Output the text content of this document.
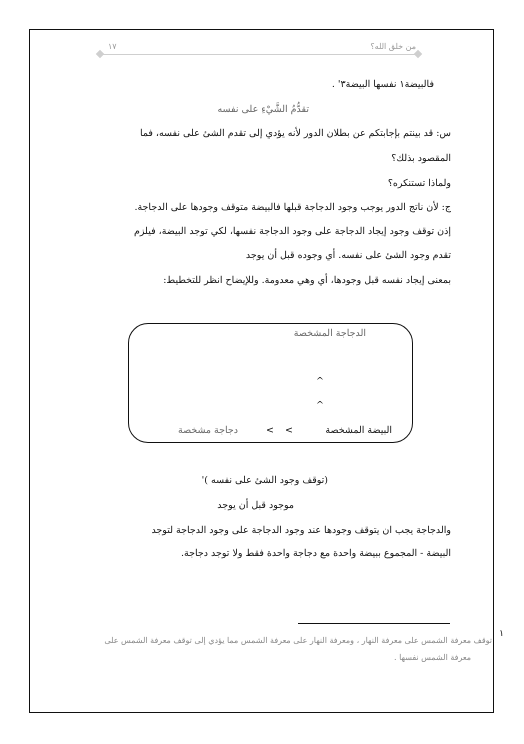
من خلق الله؟
١٧
فالبيضة١ نفسها البيضة٣' .
تقدُّمُ الشَّيْءِ على نفسه
س: قد بينتم بإجابتكم عن بطلان الدور لأنه يؤدي إلى تقدم الشئ على نفسه، فما
المقصود بذلك؟
ولماذا تستنكره؟
ج: لأن ناتج الدور يوجب وجود الدجاجة قبلها فالبيضة متوقف وجودها على الدجاجة.
إذن توقف وجود إيجاد الدجاجة على وجود الدجاجة نفسها، لكي توجد البيضة، فيلزم
تقدم وجود الشئ على نفسه. أي وجوده قبل أن يوجد
بمعنى إيجاد نفسه قبل وجودها، أي وهي معدومة. وللإيضاح انظر للتخطيط:
الدجاجة المشخصة
^
^
البيضة المشخصة
>
>
دجاجة مشخصة
(توقف وجود الشئ على نفسه )'
موجود قبل أن يوجد
والدجاجة يجب ان يتوقف وجودها عند وجود الدجاجة على وجود الدجاجة لتوجد
البيضة - المجموع ببيضة واحدة مع دجاجة واحدة فقط ولا توجد دجاجة.
١
توقف معرفة الشمس على معرفة النهار ، ومعرفة النهار على معرفة الشمس مما يؤدي إلى توقف معرفة الشمس على
معرفة الشمس نفسها .
